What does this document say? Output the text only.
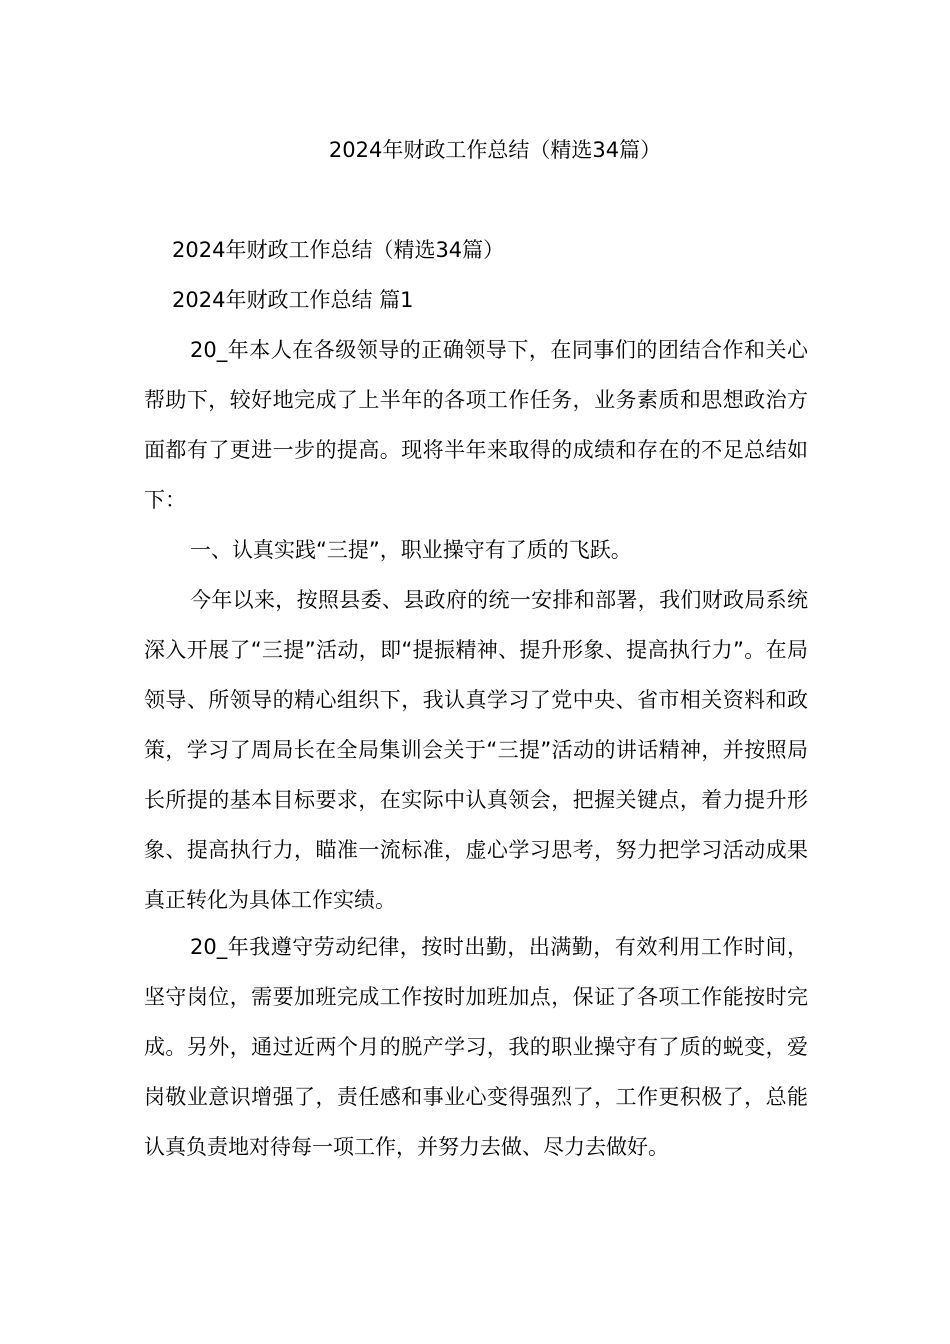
2024年财政工作总结（精选34篇）
2024年财政工作总结（精选34篇）
2024年财政工作总结 篇1
20_年本人在各级领导的正确领导下，在同事们的团结合作和关心帮助下，较好地完成了上半年的各项工作任务，业务素质和思想政治方面都有了更进一步的提高。现将半年来取得的成绩和存在的不足总结如下：
一、认真实践“三提”，职业操守有了质的飞跃。
今年以来，按照县委、县政府的统一安排和部署，我们财政局系统深入开展了“三提”活动，即“提振精神、提升形象、提高执行力”。在局领导、所领导的精心组织下，我认真学习了党中央、省市相关资料和政策，学习了周局长在全局集训会关于“三提”活动的讲话精神，并按照局长所提的基本目标要求，在实际中认真领会，把握关键点，着力提升形象、提高执行力，瞄准一流标准，虚心学习思考，努力把学习活动成果真正转化为具体工作实绩。
20_年我遵守劳动纪律，按时出勤，出满勤，有效利用工作时间，坚守岗位，需要加班完成工作按时加班加点，保证了各项工作能按时完成。另外，通过近两个月的脱产学习，我的职业操守有了质的蜕变，爱岗敬业意识增强了，责任感和事业心变得强烈了，工作更积极了，总能认真负责地对待每一项工作，并努力去做、尽力去做好。
